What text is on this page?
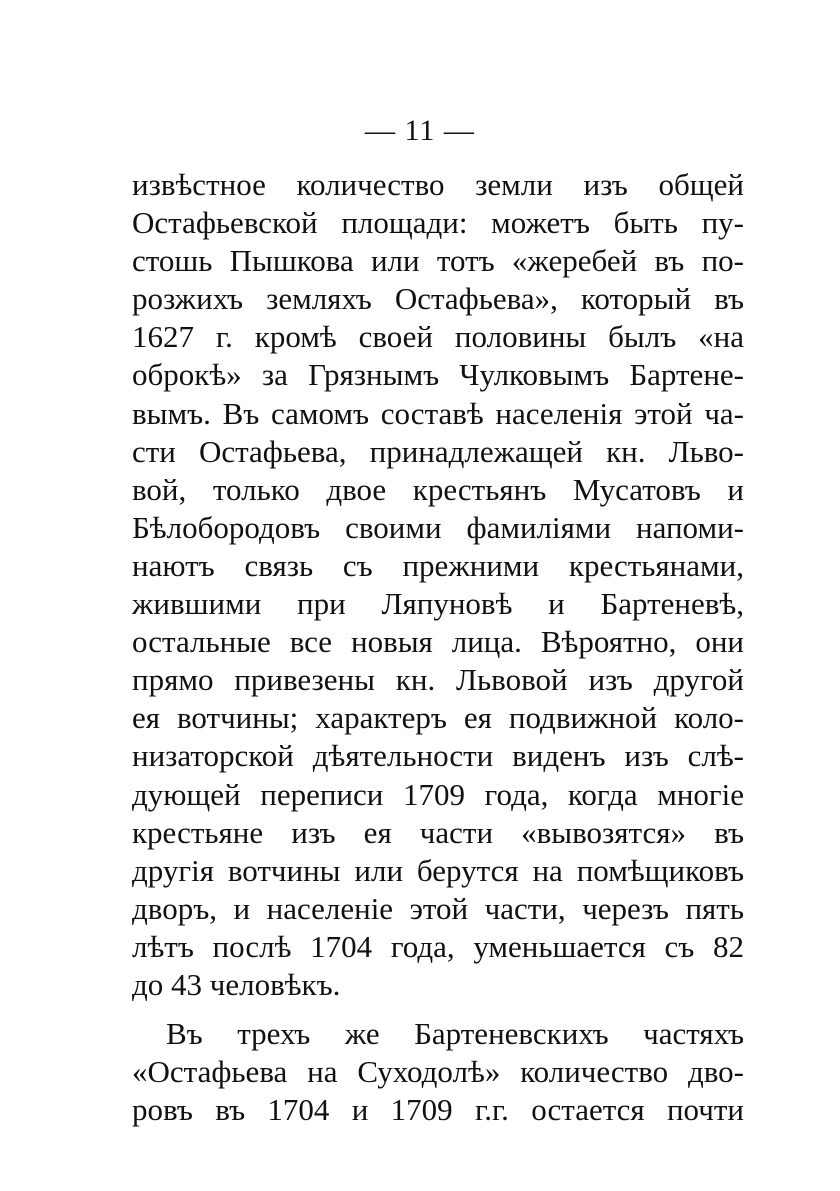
— 11 —
извѣстное количество земли изъ общей
Остафьевской площади: можетъ быть пу-
стошь Пышкова или тотъ «жеребей въ по-
розжихъ земляхъ Остафьева», который въ
1627 г. кромѣ своей половины былъ «на
оброкѣ» за Грязнымъ Чулковымъ Бартене-
вымъ. Въ самомъ составѣ населенія этой ча-
сти Остафьева, принадлежащей кн. Льво-
вой, только двое крестьянъ Мусатовъ и
Бѣлобородовъ своими фамиліями напоми-
наютъ связь съ прежними крестьянами,
жившими при Ляпуновѣ и Бартеневѣ,
остальные все новыя лица. Вѣроятно, они
прямо привезены кн. Львовой изъ другой
ея вотчины; характеръ ея подвижной коло-
низаторской дѣятельности виденъ изъ слѣ-
дующей переписи 1709 года, когда многіе
крестьяне изъ ея части «вывозятся» въ
другія вотчины или берутся на помѣщиковъ
дворъ, и населеніе этой части, черезъ пять
лѣтъ послѣ 1704 года, уменьшается съ 82
до 43 человѣкъ.
Въ трехъ же Бартеневскихъ частяхъ
«Остафьева на Суходолѣ» количество дво-
ровъ въ 1704 и 1709 г.г. остается почти
